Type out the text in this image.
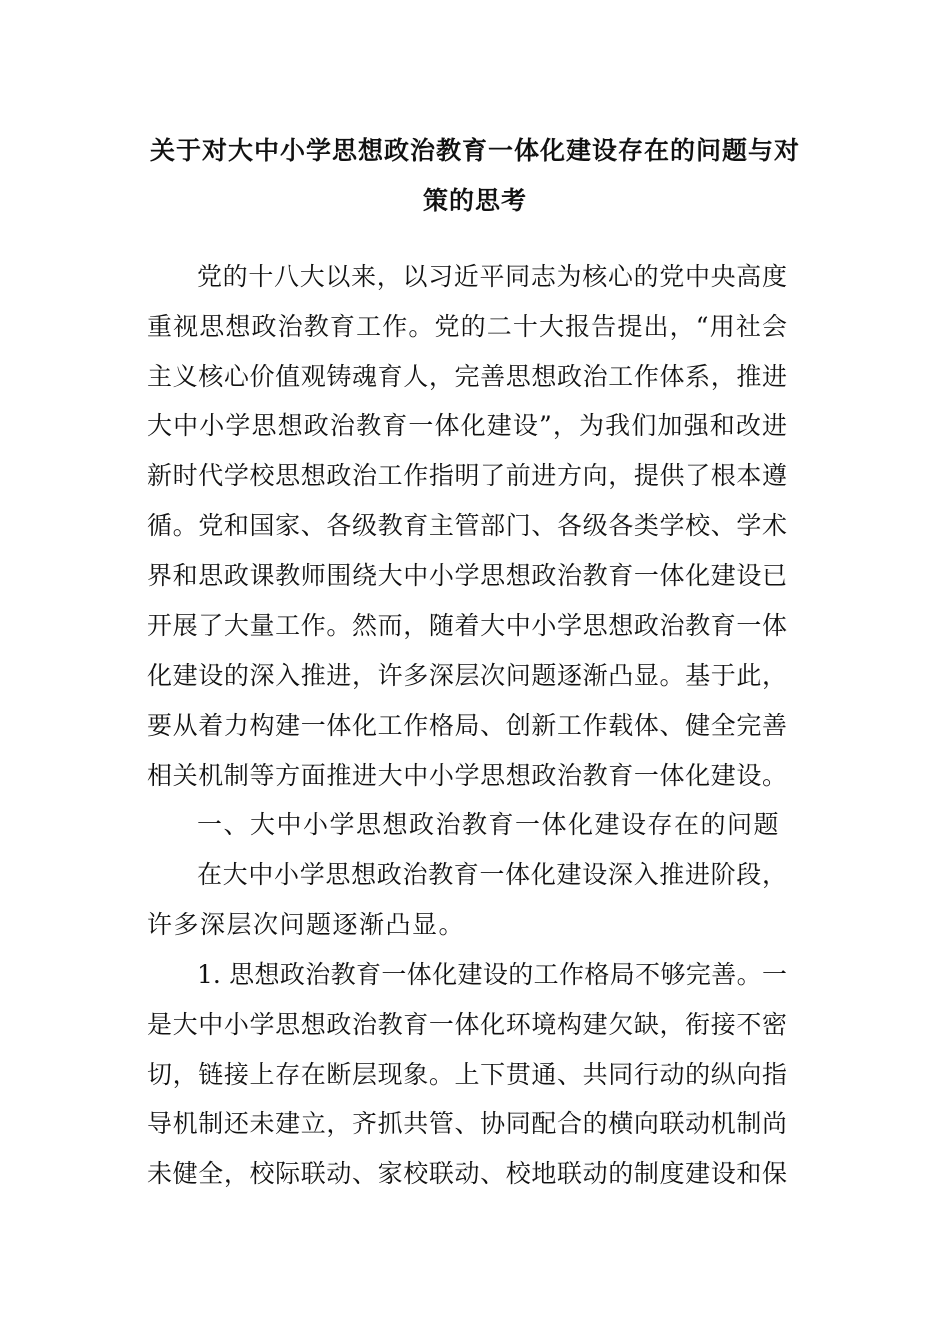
关于对大中小学思想政治教育一体化建设存在的问题与对
策的思考
党的十八大以来，以习近平同志为核心的党中央高度
重视思想政治教育工作。党的二十大报告提出，“用社会
主义核心价值观铸魂育人，完善思想政治工作体系，推进
大中小学思想政治教育一体化建设”，为我们加强和改进
新时代学校思想政治工作指明了前进方向，提供了根本遵
循。党和国家、各级教育主管部门、各级各类学校、学术
界和思政课教师围绕大中小学思想政治教育一体化建设已
开展了大量工作。然而，随着大中小学思想政治教育一体
化建设的深入推进，许多深层次问题逐渐凸显。基于此，
要从着力构建一体化工作格局、创新工作载体、健全完善
相关机制等方面推进大中小学思想政治教育一体化建设。
一、大中小学思想政治教育一体化建设存在的问题
在大中小学思想政治教育一体化建设深入推进阶段，
许多深层次问题逐渐凸显。
1. 思想政治教育一体化建设的工作格局不够完善。一
是大中小学思想政治教育一体化环境构建欠缺，衔接不密
切，链接上存在断层现象。上下贯通、共同行动的纵向指
导机制还未建立，齐抓共管、协同配合的横向联动机制尚
未健全，校际联动、家校联动、校地联动的制度建设和保
